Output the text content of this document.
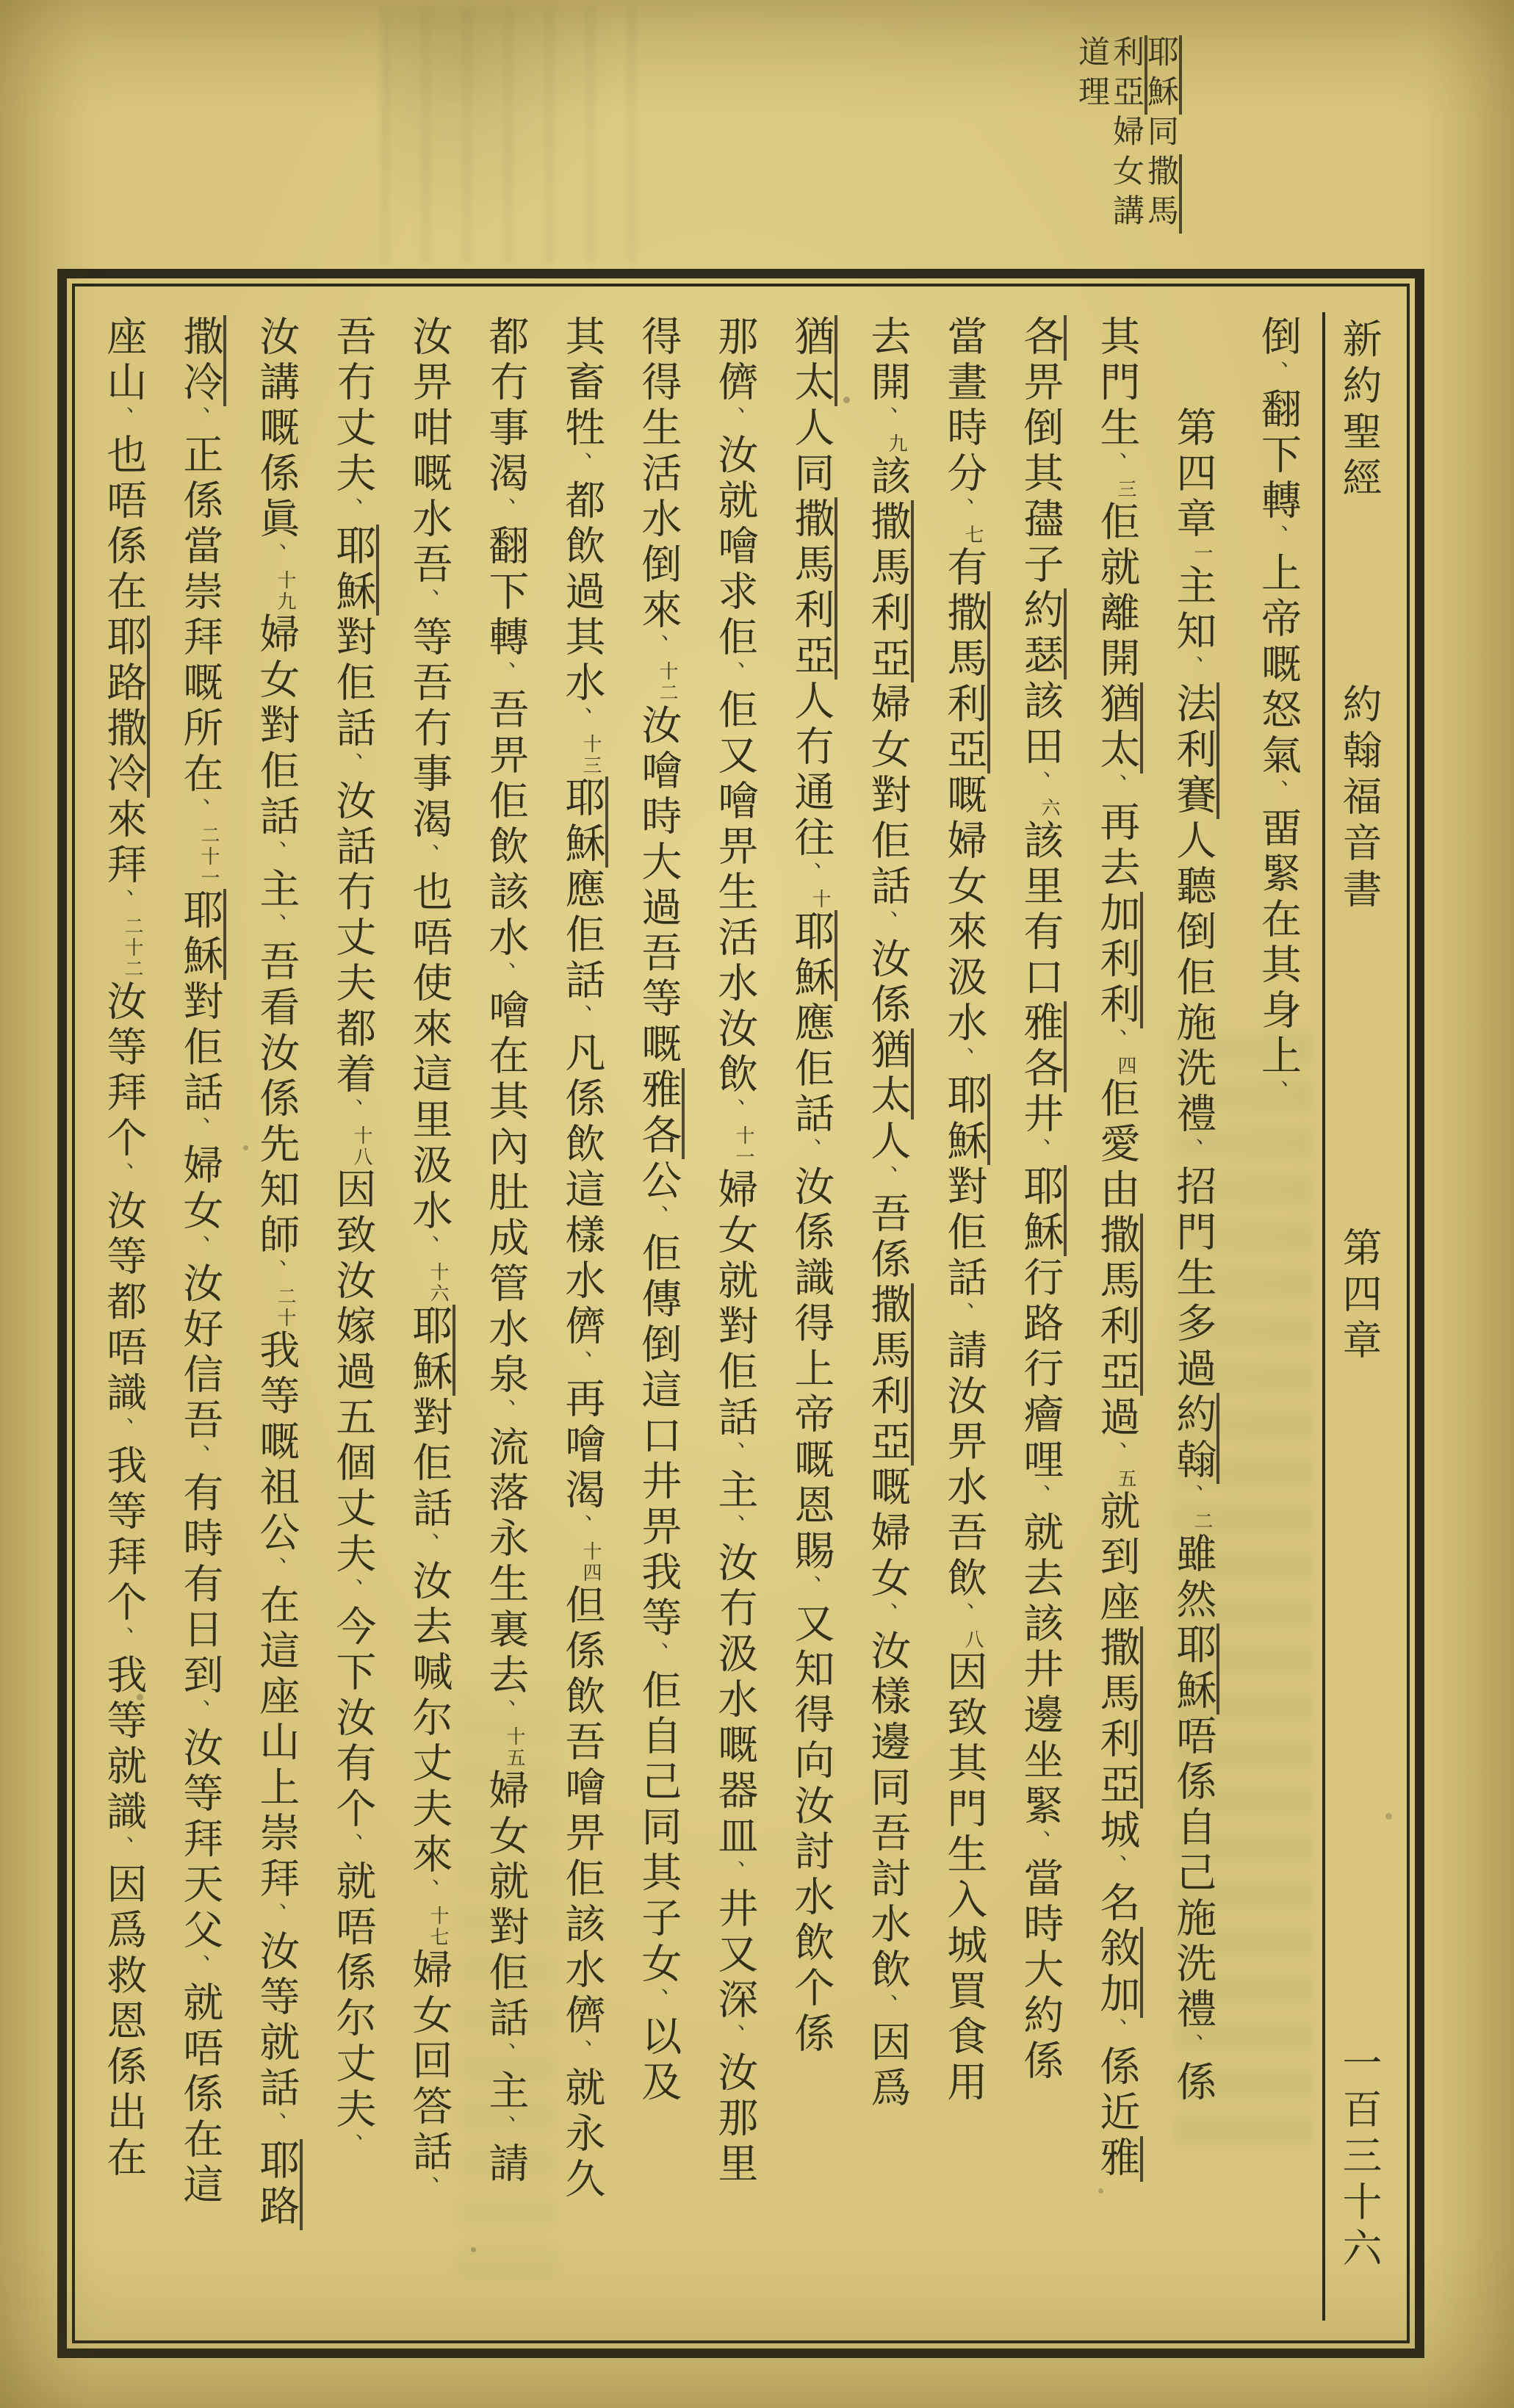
耶穌同撒馬
利亞婦女講
道理
新約聖經
約翰福音書
第四章
一百三十六
倒、翻下轉、上帝嘅怒氣、畱緊在其身上、
　　第四章$^一$主知、法利賽人聽倒佢施洗禮、招門生多過約翰、$^二$雖然耶穌唔係自己施洗禮、係
其門生、$^三$佢就離開猶太、再去加利利、$^四$佢愛由撒馬利亞過、$^五$就到座撒馬利亞城、名敘加、係近雅
各畀倒其孻子約瑟該田、$^六$該里有口雅各井、耶穌行路行癐哩、就去該井邊坐緊、當時大約係
當晝時分、$^七$有撒馬利亞嘅婦女來汲水、耶穌對佢話、請汝畀水吾飲、$^八$因致其門生入城買食用
去開、$^九$該撒馬利亞婦女對佢話、汝係猶太人、吾係撒馬利亞嘅婦女、汝樣邊同吾討水飲、因爲
猶太人同撒馬利亞人冇通往、$^十$耶穌應佢話、汝係識得上帝嘅恩賜、又知得向汝討水飲个係
那儕、汝就噲求佢、佢又噲畀生活水汝飲、$^{十一}$婦女就對佢話、主、汝冇汲水嘅器皿、井又深、汝那里
得得生活水倒來、$^{十二}$汝噲時大過吾等嘅雅各公、佢傳倒這口井畀我等、佢自己同其子女、以及
其畜牲、都飲過其水、$^{十三}$耶穌應佢話、凡係飲這樣水儕、再噲渴、$^{十四}$但係飲吾噲畀佢該水儕、就永久
都冇事渴、翻下轉、吾畀佢飲該水、噲在其內肚成管水泉、流落永生裏去、$^{十五}$婦女就對佢話、主、請
汝畀咁嘅水吾、等吾冇事渴、也唔使來這里汲水、$^{十六}$耶穌對佢話、汝去喊尔丈夫來、$^{十七}$婦女回答話、
吾冇丈夫、耶穌對佢話、汝話冇丈夫都着、$^{十八}$因致汝嫁過五個丈夫、今下汝有个、就唔係尔丈夫、
汝講嘅係眞、$^{十九}$婦女對佢話、主、吾看汝係先知師、$^{二十}$我等嘅祖公、在這座山上崇拜、汝等就話、耶路
撒冷、正係當崇拜嘅所在、$^{二十一}$耶穌對佢話、婦女、汝好信吾、有時有日到、汝等拜天父、就唔係在這
座山、也唔係在耶路撒冷來拜、$^{二十二}$汝等拜个、汝等都唔識、我等拜个、我等就識、因爲救恩係出在
